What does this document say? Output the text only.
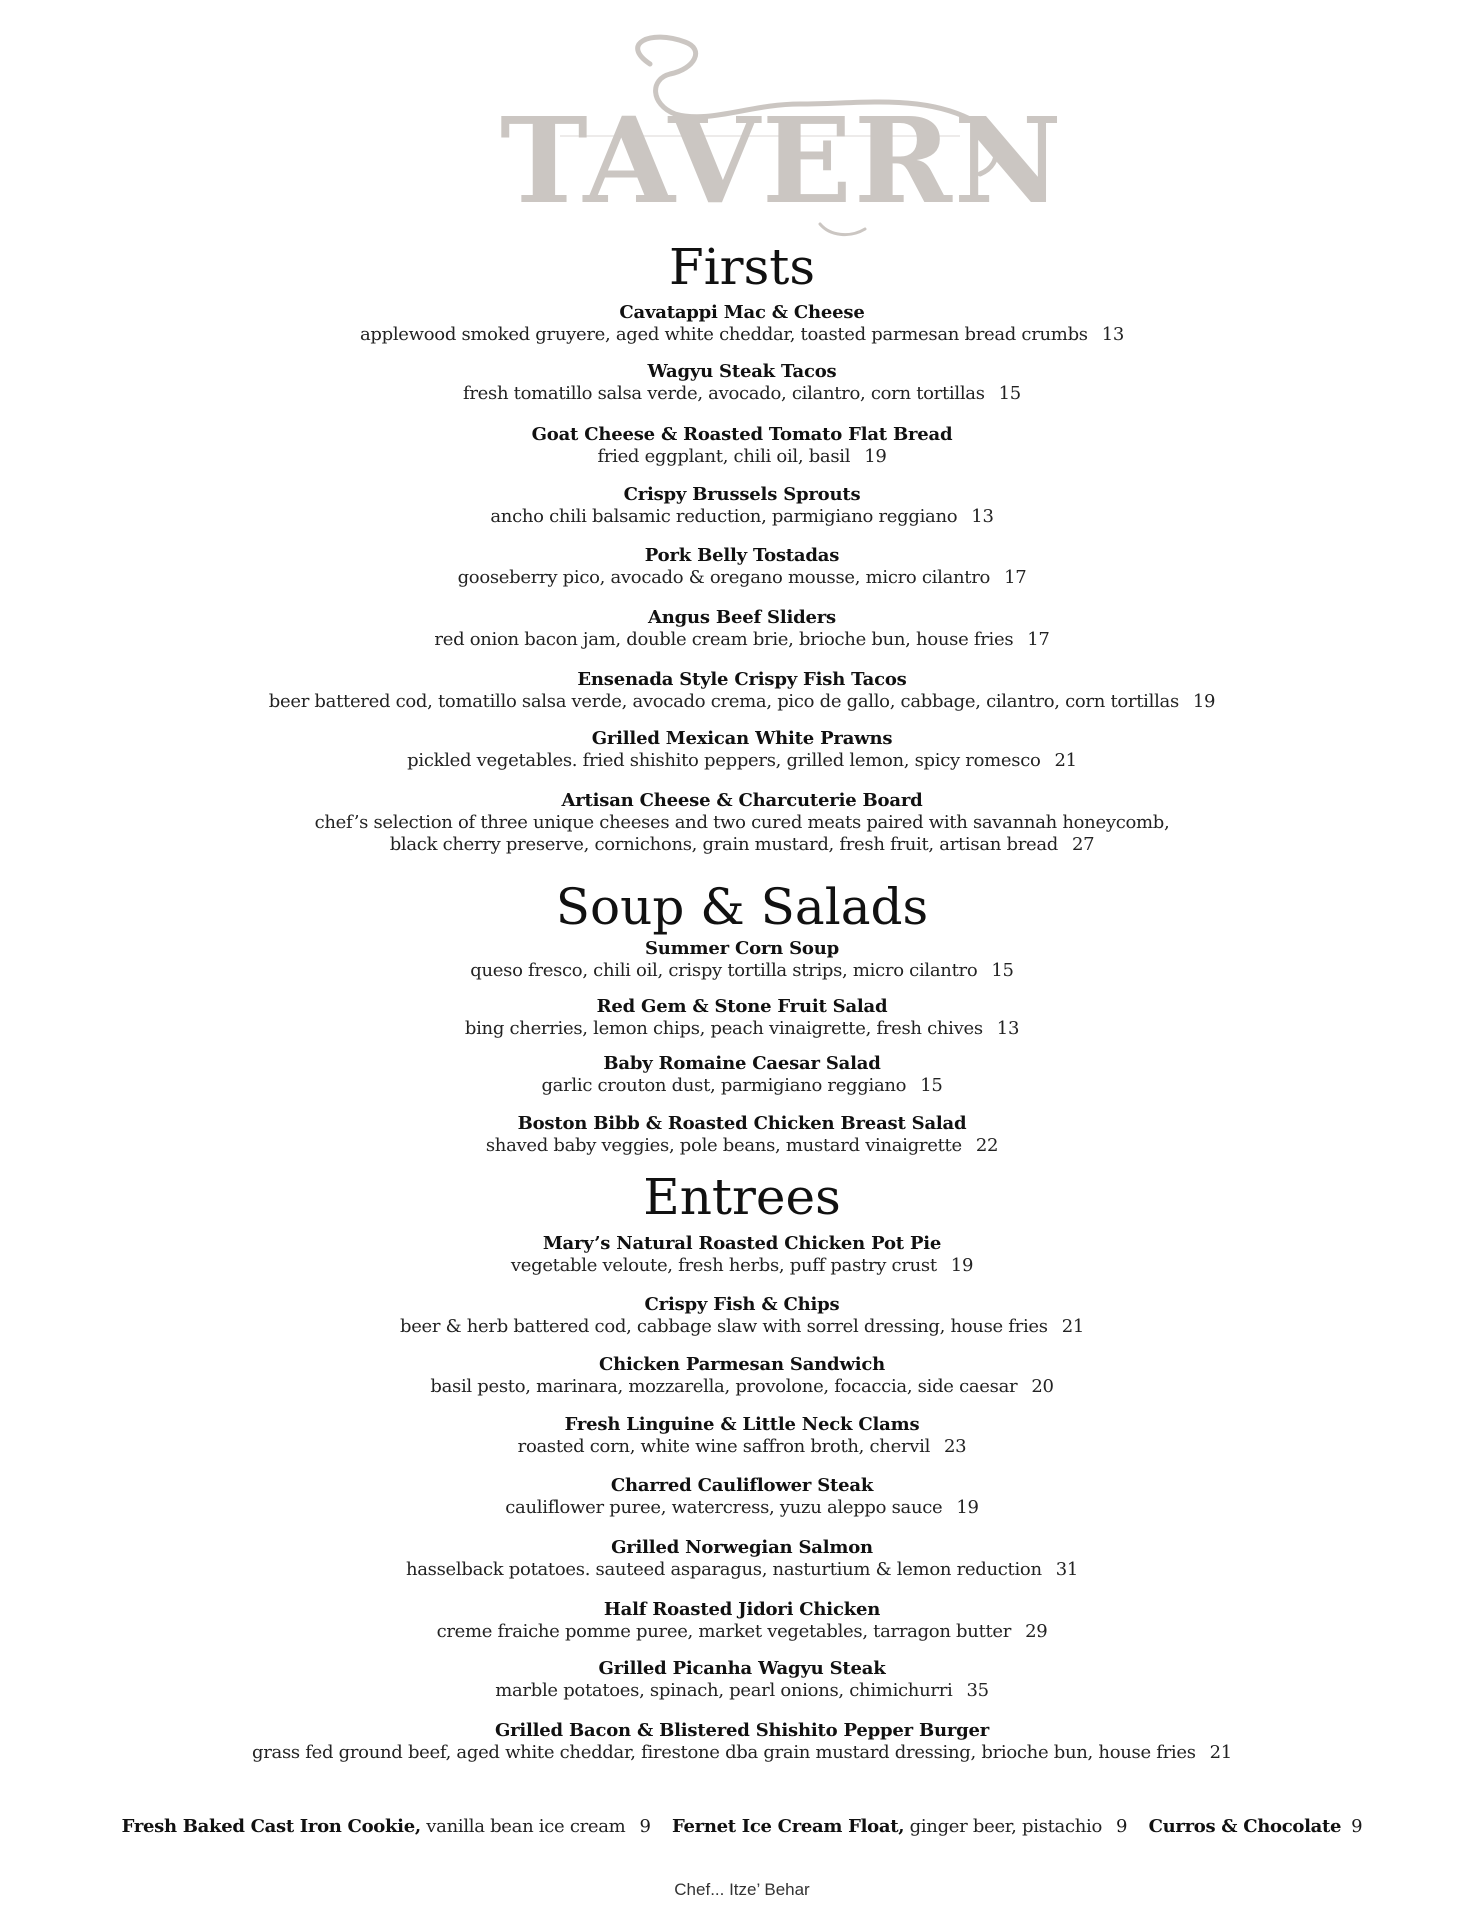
TAVERN
Firsts
Cavatappi Mac & Cheese
applewood smoked gruyere, aged white cheddar, toasted parmesan bread crumbs 13
Wagyu Steak Tacos
fresh tomatillo salsa verde, avocado, cilantro, corn tortillas 15
Goat Cheese & Roasted Tomato Flat Bread
fried eggplant, chili oil, basil 19
Crispy Brussels Sprouts
ancho chili balsamic reduction, parmigiano reggiano 13
Pork Belly Tostadas
gooseberry pico, avocado & oregano mousse, micro cilantro 17
Angus Beef Sliders
red onion bacon jam, double cream brie, brioche bun, house fries 17
Ensenada Style Crispy Fish Tacos
beer battered cod, tomatillo salsa verde, avocado crema, pico de gallo, cabbage, cilantro, corn tortillas 19
Grilled Mexican White Prawns
pickled vegetables. fried shishito peppers, grilled lemon, spicy romesco 21
Artisan Cheese & Charcuterie Board
chef’s selection of three unique cheeses and two cured meats paired with savannah honeycomb,
black cherry preserve, cornichons, grain mustard, fresh fruit, artisan bread 27
Soup & Salads
Summer Corn Soup
queso fresco, chili oil, crispy tortilla strips, micro cilantro 15
Red Gem & Stone Fruit Salad
bing cherries, lemon chips, peach vinaigrette, fresh chives 13
Baby Romaine Caesar Salad
garlic crouton dust, parmigiano reggiano 15
Boston Bibb & Roasted Chicken Breast Salad
shaved baby veggies, pole beans, mustard vinaigrette 22
Entrees
Mary’s Natural Roasted Chicken Pot Pie
vegetable veloute, fresh herbs, puff pastry crust 19
Crispy Fish & Chips
beer & herb battered cod, cabbage slaw with sorrel dressing, house fries 21
Chicken Parmesan Sandwich
basil pesto, marinara, mozzarella, provolone, focaccia, side caesar 20
Fresh Linguine & Little Neck Clams
roasted corn, white wine saffron broth, chervil 23
Charred Cauliflower Steak
cauliflower puree, watercress, yuzu aleppo sauce 19
Grilled Norwegian Salmon
hasselback potatoes. sauteed asparagus, nasturtium & lemon reduction 31
Half Roasted Jidori Chicken
creme fraiche pomme puree, market vegetables, tarragon butter 29
Grilled Picanha Wagyu Steak
marble potatoes, spinach, pearl onions, chimichurri 35
Grilled Bacon & Blistered Shishito Pepper Burger
grass fed ground beef, aged white cheddar, firestone dba grain mustard dressing, brioche bun, house fries 21
Fresh Baked Cast Iron Cookie, vanilla bean ice cream 9 Fernet Ice Cream Float, ginger beer, pistachio 9 Curros & Chocolate 9
Chef... Itze’ Behar
